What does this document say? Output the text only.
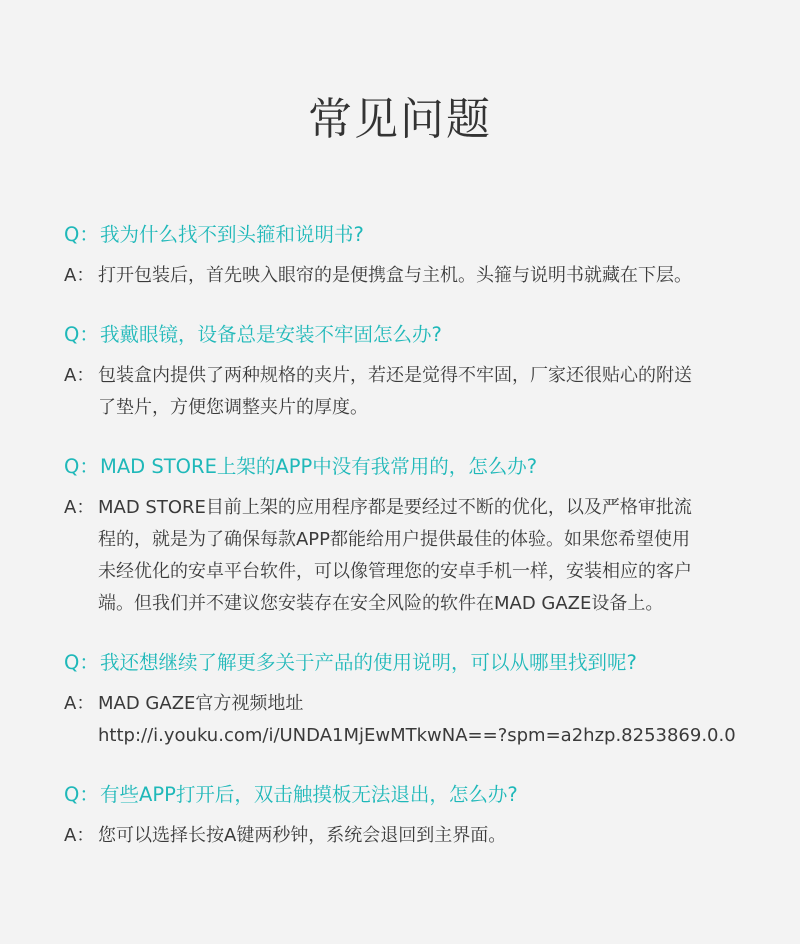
常见问题
Q： 我为什么找不到头箍和说明书?
A： 打开包装后，首先映入眼帘的是便携盒与主机。头箍与说明书就藏在下层。
Q： 我戴眼镜，设备总是安装不牢固怎么办?
A： 包装盒内提供了两种规格的夹片，若还是觉得不牢固，厂家还很贴心的附送
了垫片，方便您调整夹片的厚度。
Q： MAD STORE上架的APP中没有我常用的，怎么办?
A： MAD STORE目前上架的应用程序都是要经过不断的优化，以及严格审批流
程的，就是为了确保每款APP都能给用户提供最佳的体验。如果您希望使用
未经优化的安卓平台软件，可以像管理您的安卓手机一样，安装相应的客户
端。但我们并不建议您安装存在安全风险的软件在MAD GAZE设备上。
Q： 我还想继续了解更多关于产品的使用说明，可以从哪里找到呢?
A： MAD GAZE官方视频地址
http://i.youku.com/i/UNDA1MjEwMTkwNA==?spm=a2hzp.8253869.0.0
Q： 有些APP打开后，双击触摸板无法退出，怎么办?
A： 您可以选择长按A键两秒钟，系统会退回到主界面。
